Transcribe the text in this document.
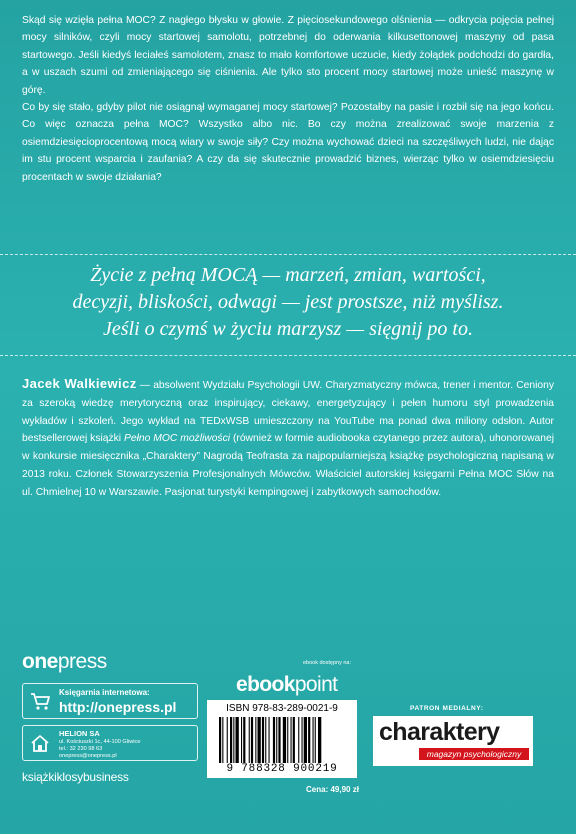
Skąd się wzięła pełna MOC? Z nagłego błysku w głowie. Z pięciosekundowego olśnienia — odkrycia pojęcia pełnej mocy silników, czyli mocy startowej samolotu, potrzebnej do oderwania kilkusettonowej maszyny od pasa startowego. Jeśli kiedyś leciałeś samolotem, znasz to mało komfortowe uczucie, kiedy żołądek podchodzi do gardła, a w uszach szumi od zmieniającego się ciśnienia. Ale tylko sto procent mocy startowej może unieść maszynę w górę.

Co by się stało, gdyby pilot nie osiągnął wymaganej mocy startowej? Pozostałby na pasie i rozbił się na jego końcu. Co więc oznacza pełna MOC? Wszystko albo nic. Bo czy można zrealizować swoje marzenia z osiemdziesięcioprocentową mocą wiary w swoje siły? Czy można wychować dzieci na szczęśliwych ludzi, nie dając im stu procent wsparcia i zaufania? A czy da się skutecznie prowadzić biznes, wierząc tylko w osiemdziesięciu procentach w swoje działania?

Życie z pełną MOCĄ — marzeń, zmian, wartości,
decyzji, bliskości, odwagi — jest prostsze, niż myślisz.
Jeśli o czymś w życiu marzysz — sięgnij po to.

Jacek Walkiewicz — absolwent Wydziału Psychologii UW. Charyzmatyczny mówca, trener i mentor. Ceniony za szeroką wiedzę merytoryczną oraz inspirujący, ciekawy, energetyzujący i pełen humoru styl prowadzenia wykładów i szkoleń. Jego wykład na TEDxWSB umieszczony na YouTube ma ponad dwa miliony odsłon. Autor bestsellerowej książki Pełno MOC możliwości (również w formie audiobooka czytanego przez autora), uhonorowanej w konkursie miesięcznika „Charaktery” Nagrodą Teofrasta za najpopularniejszą książkę psychologiczną napisaną w 2013 roku. Członek Stowarzyszenia Profesjonalnych Mówców. Właściciel autorskiej księgarni Pełna MOC Słów na ul. Chmielnej 10 w Warszawie. Pasjonat turystyki kempingowej i zabytkowych samochodów.

onepress
Księgarnia internetowa:
http://onepress.pl
HELION SA
ul. Kościuszki 1c, 44-100 Gliwice
tel.: 32 230 98 63
onepress@onepress.pl
książkiklosybusiness
ebook dostępny na:
ebookpoint
ISBN 978-83-289-0021-9
9 788328 900219
Cena: 49,90 zł
PATRON MEDIALNY:
charaktery
magazyn psychologiczny
